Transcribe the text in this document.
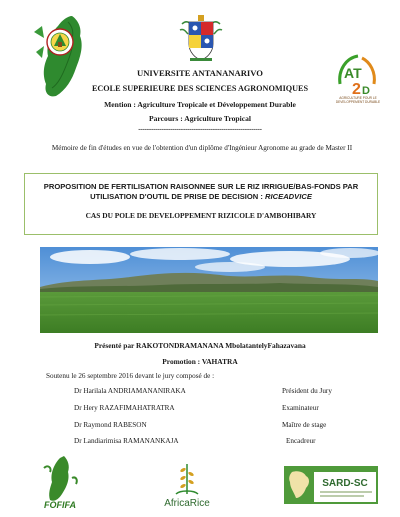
AT
2 D
AGRICULTURE POUR LE DEVELOPPEMENT DURABLE
UNIVERSITE ANTANANARIVO
ECOLE SUPERIEURE DES SCIENCES AGRONOMIQUES
Mention : Agriculture Tropicale et Développement Durable
Parcours : Agriculture Tropical
----------------------------------------------------------
Mémoire de fin d'études en vue de l'obtention d'un diplôme d'Ingénieur Agronome au grade de Master II
PROPOSITION DE FERTILISATION RAISONNEE SUR LE RIZ IRRIGUE/BAS-FONDS PAR UTILISATION D'OUTIL DE PRISE DE DECISION : RICEADVICE
CAS DU POLE DE DEVELOPPEMENT RIZICOLE D'AMBOHIBARY
Présenté par RAKOTONDRAMANANA MbolatantelyFahazavana
Promotion : VAHATRA
Soutenu le 26 septembre 2016 devant le jury composé de :
Dr Harilala ANDRIAMANANIRAKA	Président du Jury
Dr Hery RAZAFIMAHATRATRA	Examinateur
Dr Raymond RABESON	Maître de stage
Dr Landiarimisa RAMANANKAJA	Encadreur
FOFIFA	AfricaRice
SARD-SC
